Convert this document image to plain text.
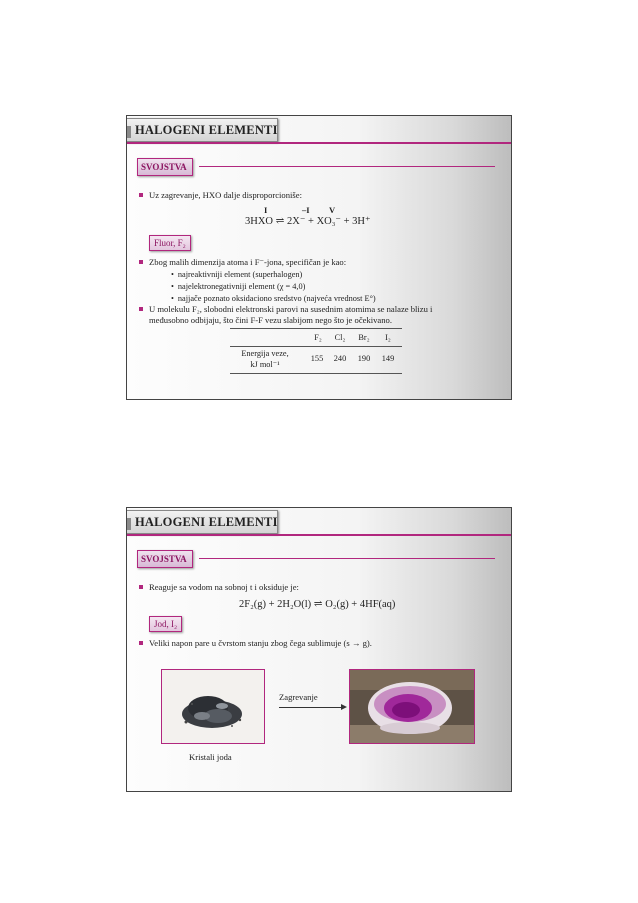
HALOGENI ELEMENTI
SVOJSTVA
Uz zagrevanje, HXO dalje disproporcioniše:
I	–I V
3HXO ⇌ 2X⁻ + XO₃⁻ + 3H⁺
Fluor, F₂
Zbog malih dimenzija atoma i F⁻-jona, specifičan je kao:
• najreaktivniji element (superhalogen)
• najelektronegativniji element (χ = 4,0)
• najjače poznato oksidaciono sredstvo (najveća vrednost E°)
U molekulu F₂, slobodni elektronski parovi na susednim atomima se nalaze blizu i
međusobno odbijaju, što čini F-F vezu slabijom nego što je očekivano.
F₂	Cl₂	Br₂	I₂
Energija veze,
kJ mol⁻¹
155	240	190	149
HALOGENI ELEMENTI
SVOJSTVA
Reaguje sa vodom na sobnoj t i oksiduje je:
2F₂(g) + 2H₂O(l) ⇌ O₂(g) + 4HF(aq)
Jod, I₂
Veliki napon pare u čvrstom stanju zbog čega sublimuje (s → g).
Zagrevanje
Kristali joda
